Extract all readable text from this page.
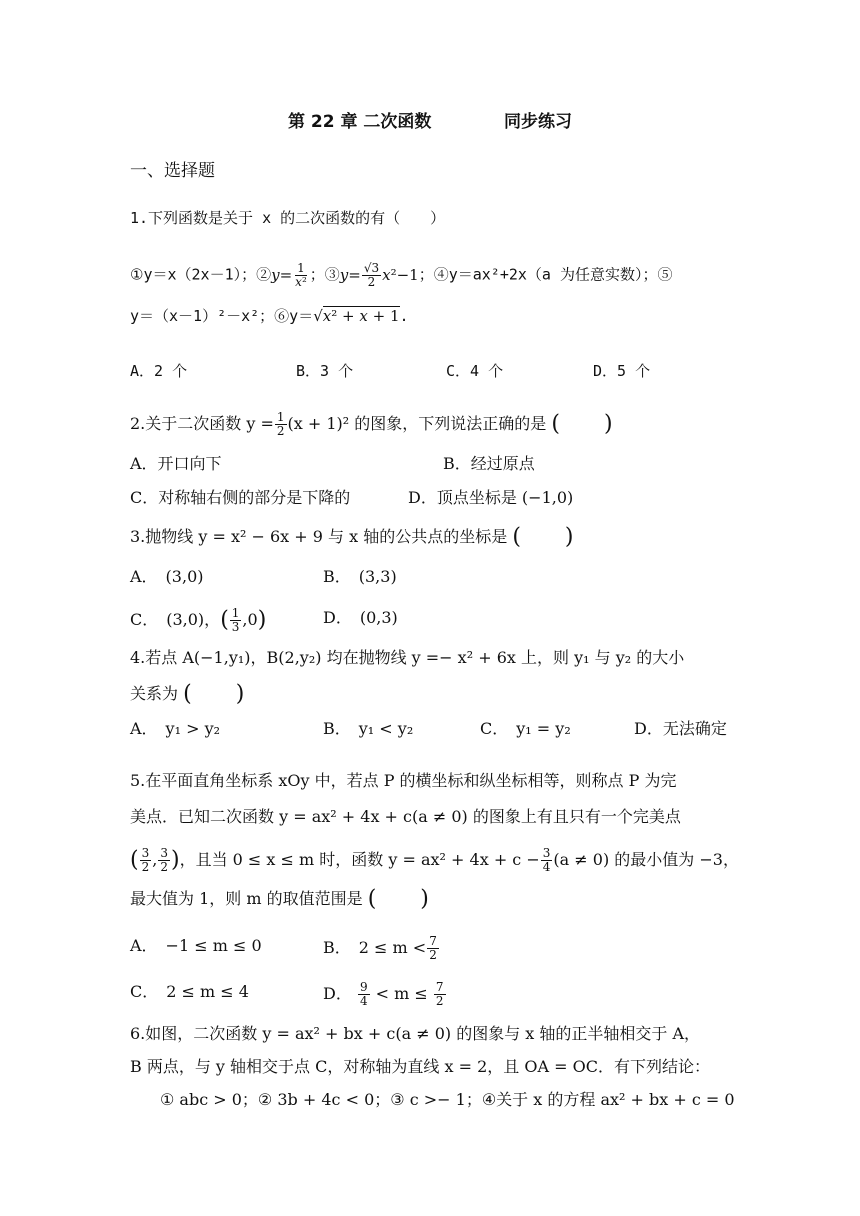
第 22 章 二次函数	同步练习
一、选择题
1.下列函数是关于 x 的二次函数的有（　　）
①y＝x（2x－1）；②y= $\frac{1}{\text{x²}}$ ；③y= $\frac{√3}{2} x^2-1$；④y＝ax²+2x（a 为任意实数）；⑤
y＝（x－1）²－x²；⑥y＝√x² + x + 1.
A．2 个	B．3 个	C．4 个	D．5 个
2.关于二次函数 $y = \frac{1}{2} (x + 1)^2$ 的图象，下列说法正确的是 (　　)
A．开口向下	B．经过原点
C．对称轴右侧的部分是下降的	D．顶点坐标是 (−1,0)
3.抛物线 y = x² − 6x + 9 与 x 轴的公共点的坐标是 (　　)
A．　(3,0)	B．　(3,3)
C．　(3,0)，( $\frac{1}{3} ,0$)	D．　(0,3)
4.若点 A(−1,y₁)，B(2,y₂) 均在抛物线 y =− x² + 6x 上，则 y₁ 与 y₂ 的大小
关系为 (　　)
A．　y₁ > y₂	B．　y₁ < y₂	C．　y₁ = y₂	D．无法确定
5.在平面直角坐标系 xOy 中，若点 P 的横坐标和纵坐标相等，则称点 P 为完
美点．已知二次函数 y = ax² + 4x + c(a ≠ 0) 的图象上有且只有一个完美点
( $\frac{3}{2}$ , $\frac{3}{2}$ )，且当 0 ≤ x ≤ m 时，函数 $y = ax^2 + 4x + c - \frac{3}{4} (a \ne 0)$ 的最小值为 −3，
最大值为 1，则 m 的取值范围是 (　　)
A．　−1 ≤ m ≤ 0	B．　$2 \le m < \frac{7}{2}$
C．　2 ≤ m ≤ 4	D． $\frac{9}{4} < m \le \frac{7}{2}$
6.如图，二次函数 y = ax² + bx + c(a ≠ 0) 的图象与 x 轴的正半轴相交于 A，
B 两点，与 y 轴相交于点 C，对称轴为直线 x = 2，且 OA = OC．有下列结论：
① abc > 0；② 3b + 4c < 0；③ c >− 1；④关于 x 的方程 ax² + bx + c = 0
